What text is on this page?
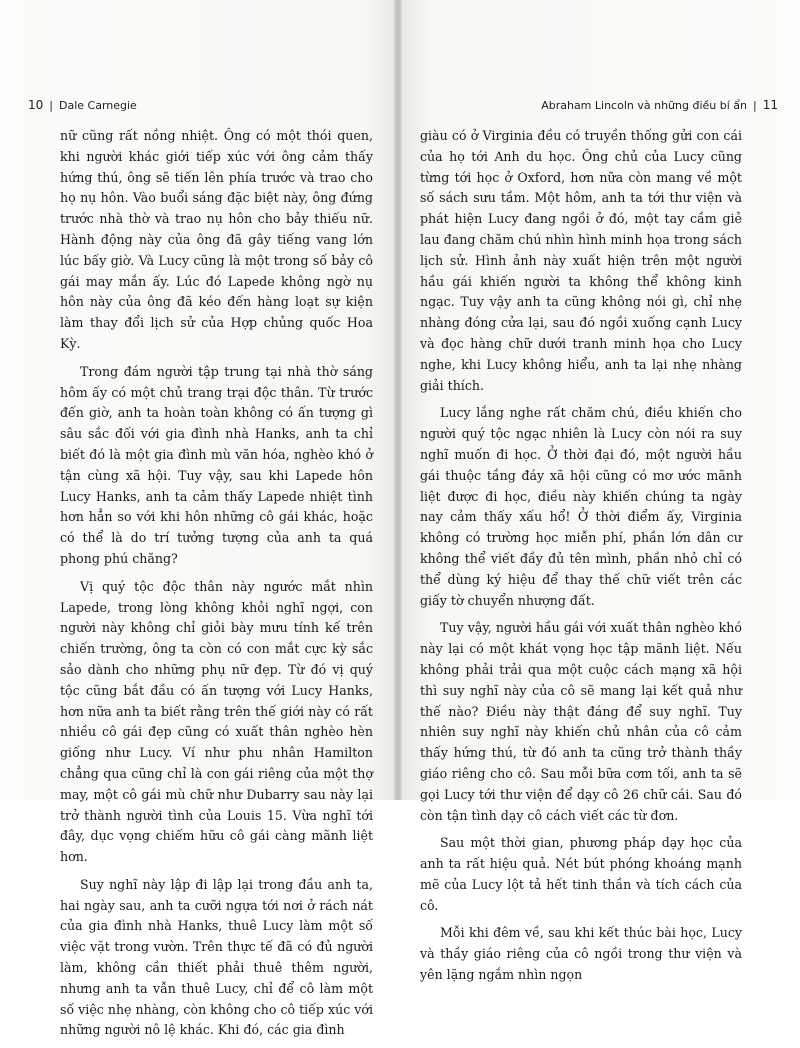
10 | Dale Carnegie

nữ cũng rất nồng nhiệt. Ông có một thói quen, khi người khác giới tiếp xúc với ông cảm thấy hứng thú, ông sẽ tiến lên phía trước và trao cho họ nụ hôn. Vào buổi sáng đặc biệt này, ông đứng trước nhà thờ và trao nụ hôn cho bảy thiếu nữ. Hành động này của ông đã gây tiếng vang lớn lúc bấy giờ. Và Lucy cũng là một trong số bảy cô gái may mắn ấy. Lúc đó Lapede không ngờ nụ hôn này của ông đã kéo đến hàng loạt sự kiện làm thay đổi lịch sử của Hợp chủng quốc Hoa Kỳ.

Trong đám người tập trung tại nhà thờ sáng hôm ấy có một chủ trang trại độc thân. Từ trước đến giờ, anh ta hoàn toàn không có ấn tượng gì sâu sắc đối với gia đình nhà Hanks, anh ta chỉ biết đó là một gia đình mù văn hóa, nghèo khó ở tận cùng xã hội. Tuy vậy, sau khi Lapede hôn Lucy Hanks, anh ta cảm thấy Lapede nhiệt tình hơn hẳn so với khi hôn những cô gái khác, hoặc có thể là do trí tưởng tượng của anh ta quá phong phú chăng?

Vị quý tộc độc thân này ngước mắt nhìn Lapede, trong lòng không khỏi nghĩ ngợi, con người này không chỉ giỏi bày mưu tính kế trên chiến trường, ông ta còn có con mắt cực kỳ sắc sảo dành cho những phụ nữ đẹp. Từ đó vị quý tộc cũng bắt đầu có ấn tượng với Lucy Hanks, hơn nữa anh ta biết rằng trên thế giới này có rất nhiều cô gái đẹp cũng có xuất thân nghèo hèn giống như Lucy. Ví như phu nhân Hamilton chẳng qua cũng chỉ là con gái riêng của một thợ may, một cô gái mù chữ như Dubarry sau này lại trở thành người tình của Louis 15. Vừa nghĩ tới đây, dục vọng chiếm hữu cô gái càng mãnh liệt hơn.

Suy nghĩ này lập đi lập lại trong đầu anh ta, hai ngày sau, anh ta cưỡi ngựa tới nơi ở rách nát của gia đình nhà Hanks, thuê Lucy làm một số việc vặt trong vườn. Trên thực tế đã có đủ người làm, không cần thiết phải thuê thêm người, nhưng anh ta vẫn thuê Lucy, chỉ để cô làm một số việc nhẹ nhàng, còn không cho cô tiếp xúc với những người nô lệ khác. Khi đó, các gia đình

Abraham Lincoln và những điều bí ẩn | 11

giàu có ở Virginia đều có truyền thống gửi con cái của họ tới Anh du học. Ông chủ của Lucy cũng từng tới học ở Oxford, hơn nữa còn mang về một số sách sưu tầm. Một hôm, anh ta tới thư viện và phát hiện Lucy đang ngồi ở đó, một tay cầm giẻ lau đang chăm chú nhìn hình minh họa trong sách lịch sử. Hình ảnh này xuất hiện trên một người hầu gái khiến người ta không thể không kinh ngạc. Tuy vậy anh ta cũng không nói gì, chỉ nhẹ nhàng đóng cửa lại, sau đó ngồi xuống cạnh Lucy và đọc hàng chữ dưới tranh minh họa cho Lucy nghe, khi Lucy không hiểu, anh ta lại nhẹ nhàng giải thích.

Lucy lắng nghe rất chăm chú, điều khiến cho người quý tộc ngạc nhiên là Lucy còn nói ra suy nghĩ muốn đi học. Ở thời đại đó, một người hầu gái thuộc tầng đáy xã hội cũng có mơ ước mãnh liệt được đi học, điều này khiến chúng ta ngày nay cảm thấy xấu hổ! Ở thời điểm ấy, Virginia không có trường học miễn phí, phần lớn dân cư không thể viết đầy đủ tên mình, phần nhỏ chỉ có thể dùng ký hiệu để thay thế chữ viết trên các giấy tờ chuyển nhượng đất.

Tuy vậy, người hầu gái với xuất thân nghèo khó này lại có một khát vọng học tập mãnh liệt. Nếu không phải trải qua một cuộc cách mạng xã hội thì suy nghĩ này của cô sẽ mang lại kết quả như thế nào? Điều này thật đáng để suy nghĩ. Tuy nhiên suy nghĩ này khiến chủ nhân của cô cảm thấy hứng thú, từ đó anh ta cũng trở thành thầy giáo riêng cho cô. Sau mỗi bữa cơm tối, anh ta sẽ gọi Lucy tới thư viện để dạy cô 26 chữ cái. Sau đó còn tận tình dạy cô cách viết các từ đơn.

Sau một thời gian, phương pháp dạy học của anh ta rất hiệu quả. Nét bút phóng khoáng mạnh mẽ của Lucy lột tả hết tinh thần và tích cách của cô.

Mỗi khi đêm về, sau khi kết thúc bài học, Lucy và thầy giáo riêng của cô ngồi trong thư viện và yên lặng ngắm nhìn ngọn
